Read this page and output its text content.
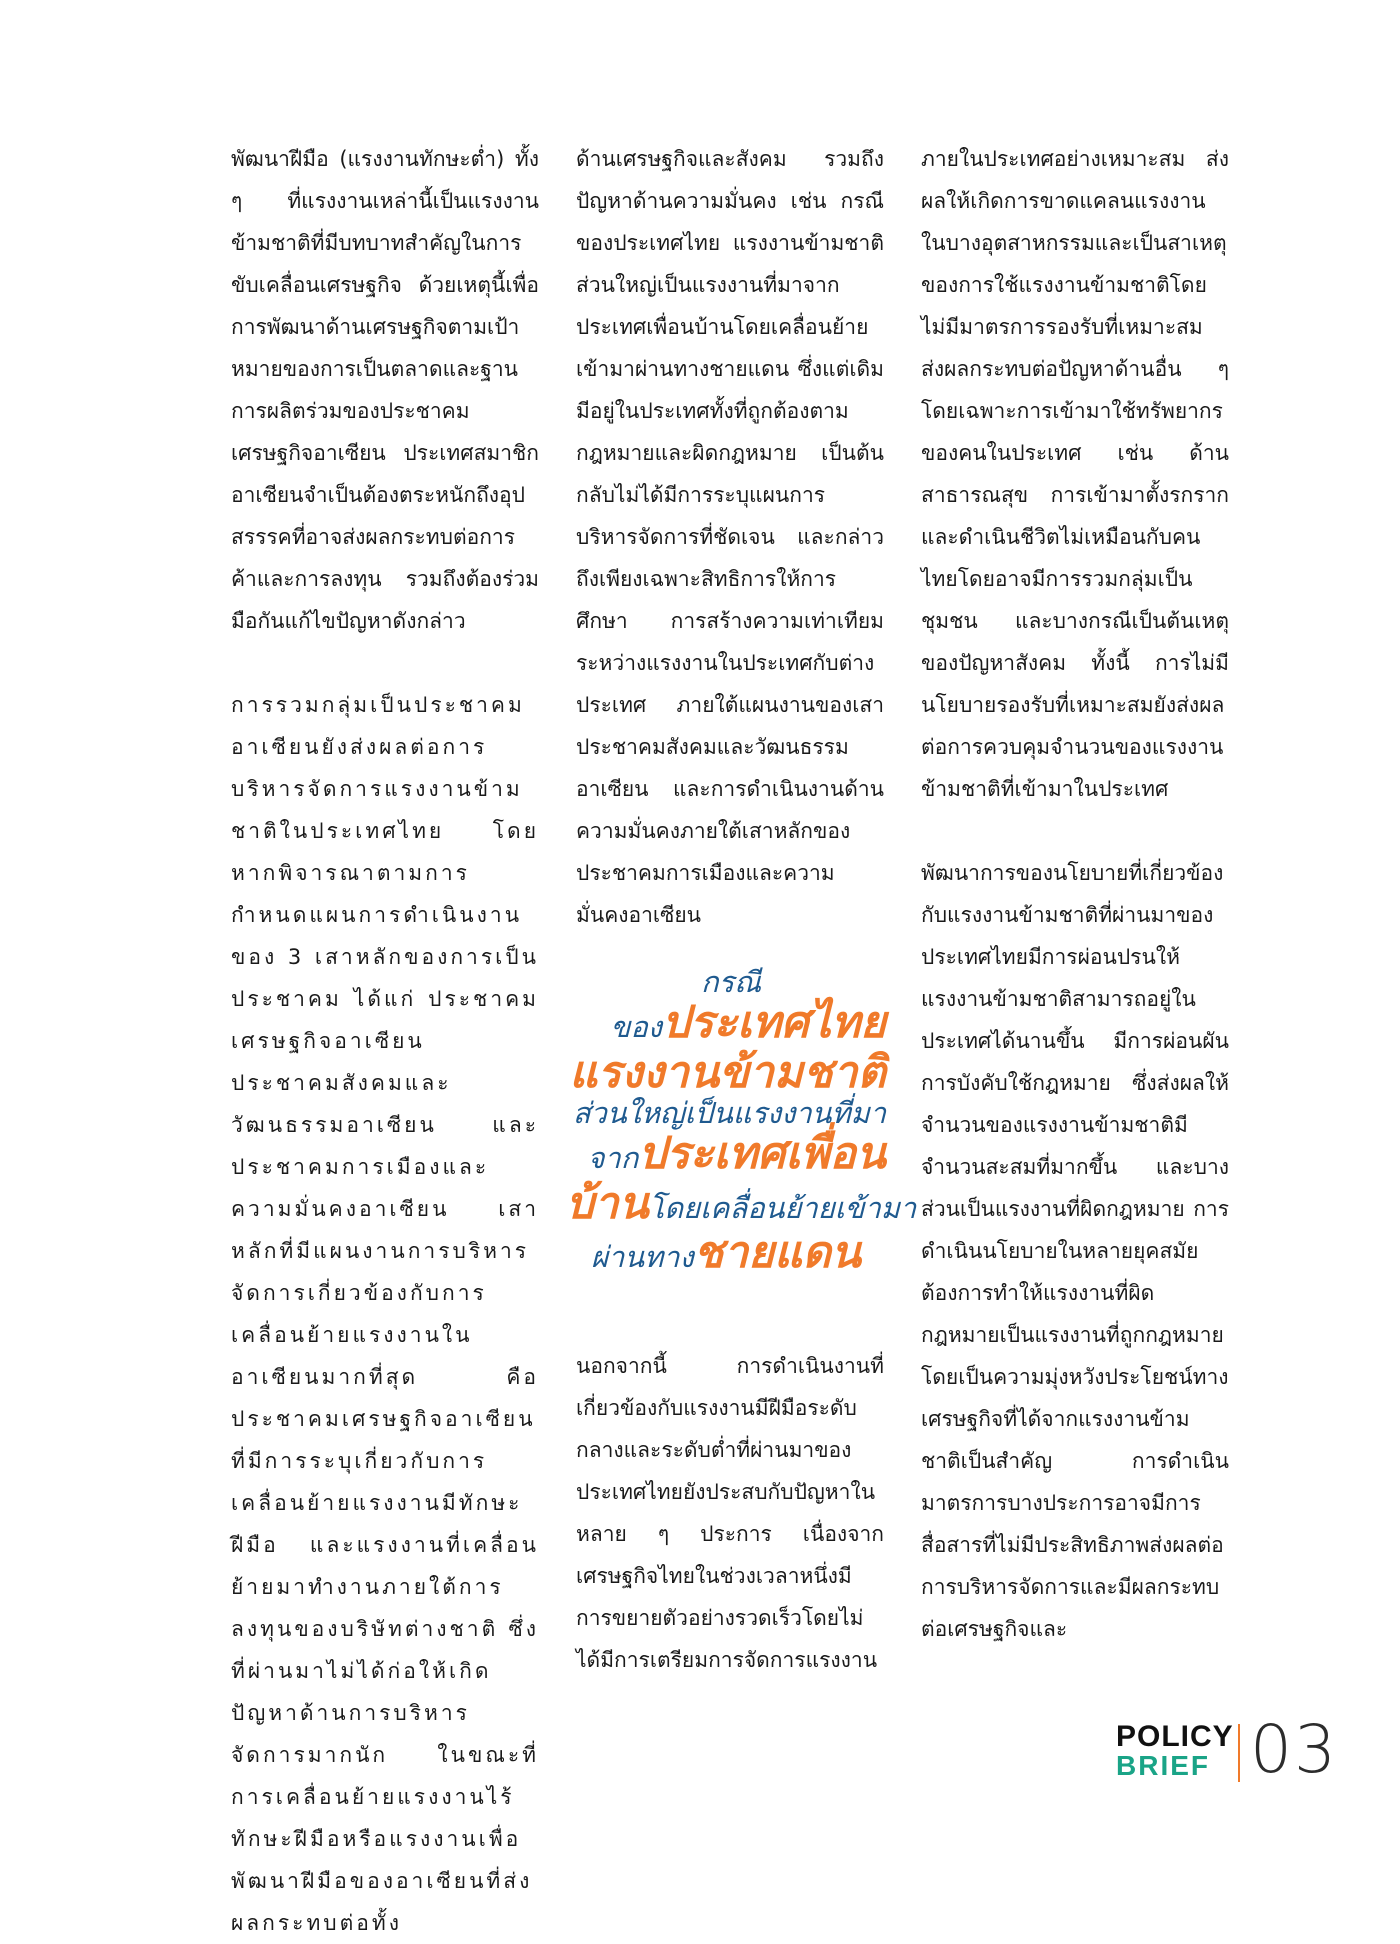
พัฒนาฝีมือ (แรงงานทักษะต่ำ) ทั้ง ๆ ที่แรงงานเหล่านี้เป็นแรงงานข้ามชาติที่มีบทบาทสำคัญในการขับเคลื่อนเศรษฐกิจ ด้วยเหตุนี้เพื่อการพัฒนาด้านเศรษฐกิจตามเป้าหมายของการเป็นตลาดและฐานการผลิตร่วมของประชาคมเศรษฐกิจอาเซียน ประเทศสมาชิกอาเซียนจำเป็นต้องตระหนักถึงอุปสรรรคที่อาจส่งผลกระทบต่อการค้าและการลงทุน รวมถึงต้องร่วมมือกันแก้ไขปัญหาดังกล่าว

การรวมกลุ่มเป็นประชาคมอาเซียนยังส่งผลต่อการบริหารจัดการแรงงานข้ามชาติในประเทศไทย โดยหากพิจารณาตามการกำหนดแผนการดำเนินงานของ 3 เสาหลักของการเป็นประชาคม ได้แก่ ประชาคมเศรษฐกิจอาเซียน ประชาคมสังคมและวัฒนธรรมอาเซียน และประชาคมการเมืองและความมั่นคงอาเซียน เสาหลักที่มีแผนงานการบริหารจัดการเกี่ยวข้องกับการเคลื่อนย้ายแรงงานในอาเซียนมากที่สุด คือ ประชาคมเศรษฐกิจอาเซียน ที่มีการระบุเกี่ยวกับการเคลื่อนย้ายแรงงานมีทักษะฝีมือ และแรงงานที่เคลื่อนย้ายมาทำงานภายใต้การลงทุนของบริษัทต่างชาติ ซึ่งที่ผ่านมาไม่ได้ก่อให้เกิดปัญหาด้านการบริหารจัดการมากนัก ในขณะที่การเคลื่อนย้ายแรงงานไร้ทักษะฝีมือหรือแรงงานเพื่อพัฒนาฝีมือของอาเซียนที่ส่งผลกระทบต่อทั้ง

ด้านเศรษฐกิจและสังคม รวมถึงปัญหาด้านความมั่นคง เช่น กรณีของประเทศไทย แรงงานข้ามชาติส่วนใหญ่เป็นแรงงานที่มาจากประเทศเพื่อนบ้านโดยเคลื่อนย้ายเข้ามาผ่านทางชายแดน ซึ่งแต่เดิมมีอยู่ในประเทศทั้งที่ถูกต้องตามกฎหมายและผิดกฎหมาย เป็นต้น กลับไม่ได้มีการระบุแผนการบริหารจัดการที่ชัดเจน และกล่าวถึงเพียงเฉพาะสิทธิการให้การศึกษา การสร้างความเท่าเทียมระหว่างแรงงานในประเทศกับต่างประเทศ ภายใต้แผนงานของเสาประชาคมสังคมและวัฒนธรรมอาเซียน และการดำเนินงานด้านความมั่นคงภายใต้เสาหลักของประชาคมการเมืองและความมั่นคงอาเซียน

กรณี
ของประเทศไทย
แรงงานข้ามชาติ
ส่วนใหญ่เป็นแรงงานที่มา
จากประเทศเพื่อน
บ้านโดยเคลื่อนย้ายเข้ามา
ผ่านทางชายแดน

นอกจากนี้ การดำเนินงานที่เกี่ยวข้องกับแรงงานมีฝีมือระดับกลางและระดับต่ำที่ผ่านมาของประเทศไทยยังประสบกับปัญหาในหลาย ๆ ประการ เนื่องจากเศรษฐกิจไทยในช่วงเวลาหนึ่งมีการขยายตัวอย่างรวดเร็วโดยไม่ได้มีการเตรียมการจัดการแรงงาน

ภายในประเทศอย่างเหมาะสม ส่งผลให้เกิดการขาดแคลนแรงงานในบางอุตสาหกรรมและเป็นสาเหตุของการใช้แรงงานข้ามชาติโดยไม่มีมาตรการรองรับที่เหมาะสม ส่งผลกระทบต่อปัญหาด้านอื่น ๆ โดยเฉพาะการเข้ามาใช้ทรัพยากรของคนในประเทศ เช่น ด้านสาธารณสุข การเข้ามาตั้งรกรากและดำเนินชีวิตไม่เหมือนกับคนไทยโดยอาจมีการรวมกลุ่มเป็นชุมชน และบางกรณีเป็นต้นเหตุของปัญหาสังคม ทั้งนี้ การไม่มีนโยบายรองรับที่เหมาะสมยังส่งผลต่อการควบคุมจำนวนของแรงงานข้ามชาติที่เข้ามาในประเทศ

พัฒนาการของนโยบายที่เกี่ยวข้องกับแรงงานข้ามชาติที่ผ่านมาของประเทศไทยมีการผ่อนปรนให้แรงงานข้ามชาติสามารถอยู่ในประเทศได้นานขึ้น มีการผ่อนผันการบังคับใช้กฎหมาย ซึ่งส่งผลให้จำนวนของแรงงานข้ามชาติมีจำนวนสะสมที่มากขึ้น และบางส่วนเป็นแรงงานที่ผิดกฎหมาย การดำเนินนโยบายในหลายยุคสมัยต้องการทำให้แรงงานที่ผิดกฎหมายเป็นแรงงานที่ถูกกฎหมายโดยเป็นความมุ่งหวังประโยชน์ทางเศรษฐกิจที่ได้จากแรงงานข้ามชาติเป็นสำคัญ การดำเนินมาตรการบางประการอาจมีการสื่อสารที่ไม่มีประสิทธิภาพส่งผลต่อการบริหารจัดการและมีผลกระทบต่อเศรษฐกิจและ

POLICY
BRIEF 03
